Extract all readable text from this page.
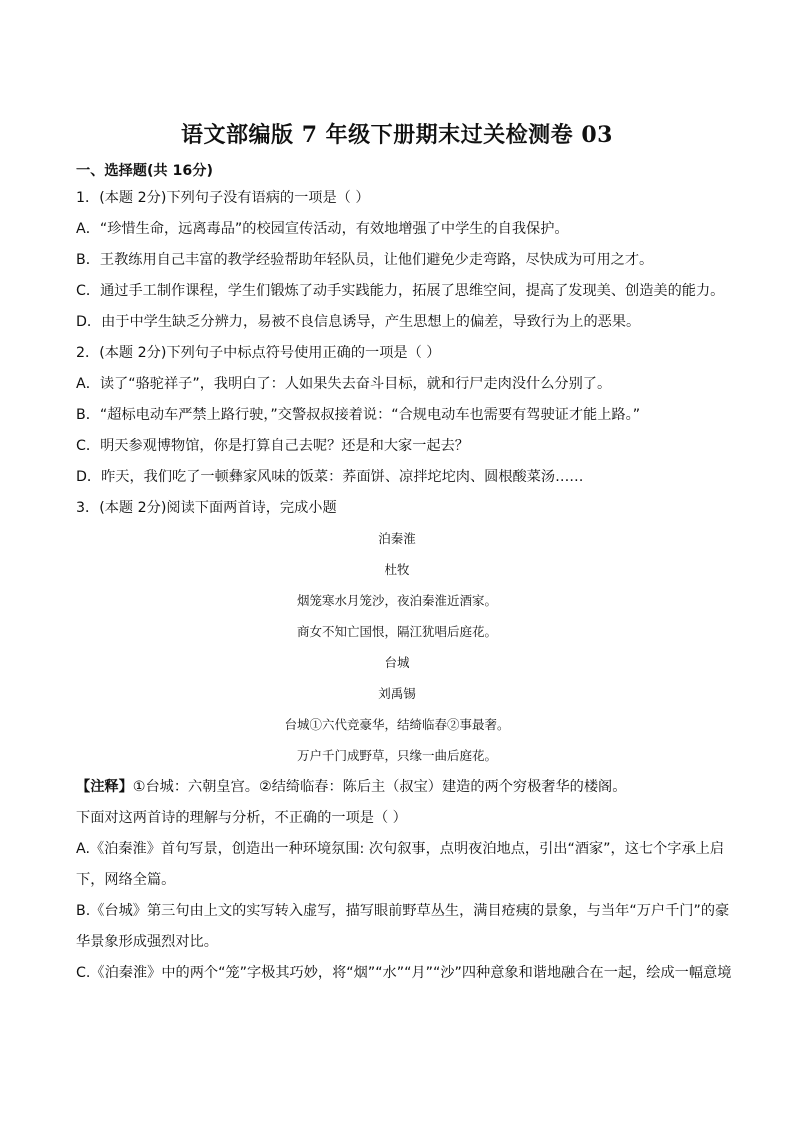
语文部编版 7 年级下册期末过关检测卷 03
一、选择题(共 16分)
1．(本题 2分)下列句子没有语病的一项是（ ）
A．“珍惜生命，远离毒品”的校园宣传活动，有效地增强了中学生的自我保护。
B．王教练用自己丰富的教学经验帮助年轻队员，让他们避免少走弯路，尽快成为可用之才。
C．通过手工制作课程，学生们锻炼了动手实践能力，拓展了思维空间，提高了发现美、创造美的能力。
D．由于中学生缺乏分辨力，易被不良信息诱导，产生思想上的偏差，导致行为上的恶果。
2．(本题 2分)下列句子中标点符号使用正确的一项是（ ）
A．读了“骆驼祥子”，我明白了：人如果失去奋斗目标，就和行尸走肉没什么分别了。
B．“超标电动车严禁上路行驶，”交警叔叔接着说：“合规电动车也需要有驾驶证才能上路。”
C．明天参观博物馆，你是打算自己去呢？还是和大家一起去？
D．昨天，我们吃了一顿彝家风味的饭菜：荞面饼、凉拌坨坨肉、圆根酸菜汤……
3．(本题 2分)阅读下面两首诗，完成小题
泊秦淮
杜牧
烟笼寒水月笼沙，夜泊秦淮近酒家。
商女不知亡国恨，隔江犹唱后庭花。
台城
刘禹锡
台城①六代竞豪华，结绮临春②事最奢。
万户千门成野草，只缘一曲后庭花。
【注释】①台城：六朝皇宫。②结绮临春：陈后主（叔宝）建造的两个穷极奢华的楼阁。
下面对这两首诗的理解与分析，不正确的一项是（ ）
A.《泊秦淮》首句写景，创造出一种环境氛围: 次句叙事，点明夜泊地点，引出“酒家”，这七个字承上启
下，网络全篇。
B.《台城》第三句由上文的实写转入虚写，描写眼前野草丛生，满目疮痍的景象，与当年“万户千门”的豪
华景象形成强烈对比。
C.《泊秦淮》中的两个“笼”字极其巧妙，将“烟”“水”“月”“沙”四种意象和谐地融合在一起，绘成一幅意境
